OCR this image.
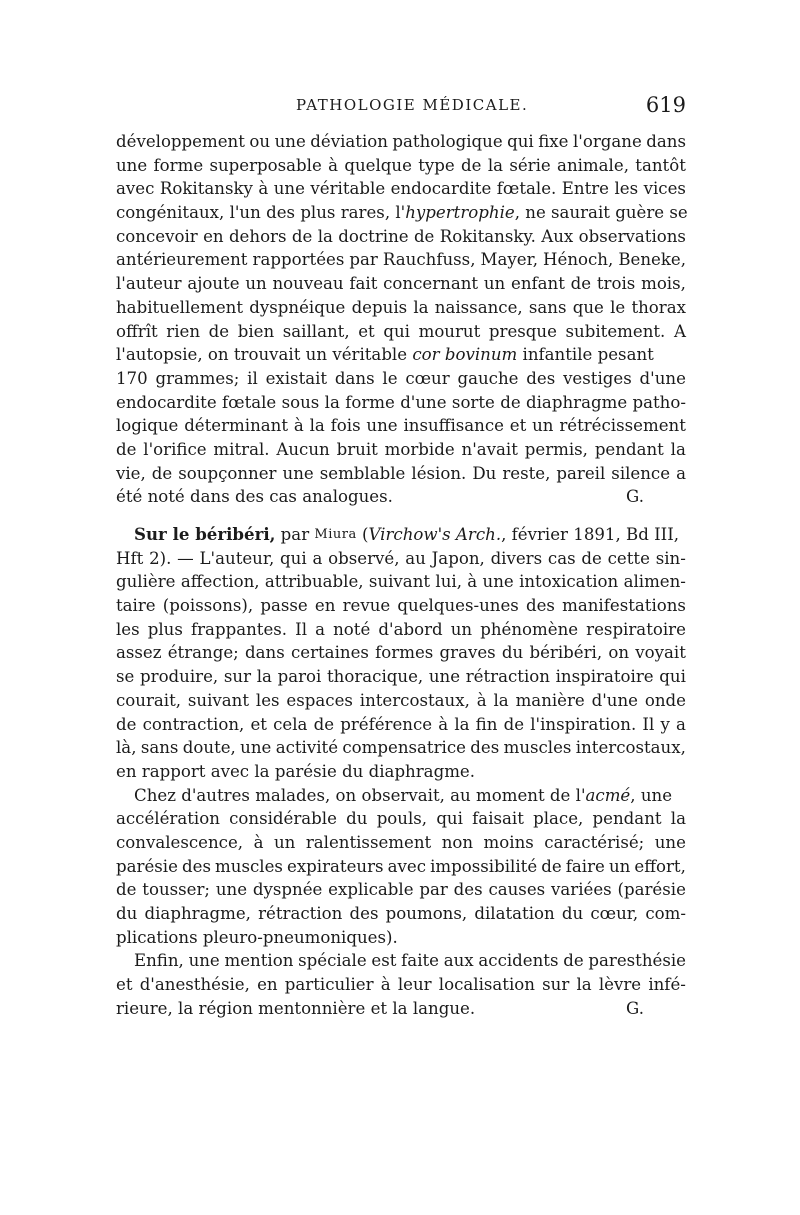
PATHOLOGIE MÉDICALE.	619
développement ou une déviation pathologique qui fixe l'organe dans
une forme superposable à quelque type de la série animale, tantôt
avec Rokitansky à une véritable endocardite fœtale. Entre les vices
congénitaux, l'un des plus rares, l' hypertrophie , ne saurait guère se
concevoir en dehors de la doctrine de Rokitansky. Aux observations
antérieurement rapportées par Rauchfuss, Mayer, Hénoch, Beneke,
l'auteur ajoute un nouveau fait concernant un enfant de trois mois,
habituellement dyspnéique depuis la naissance, sans que le thorax
offrît rien de bien saillant, et qui mourut presque subitement. A
l'autopsie, on trouvait un véritable cor bovinum infantile pesant
170 grammes; il existait dans le cœur gauche des vestiges d'une
endocardite fœtale sous la forme d'une sorte de diaphragme patho-
logique déterminant à la fois une insuffisance et un rétrécissement
de l'orifice mitral. Aucun bruit morbide n'avait permis, pendant la
vie, de soupçonner une semblable lésion. Du reste, pareil silence a
été noté dans des cas analogues.	G.
Sur le béribéri, par Miura ( Virchow's Arch. , février 1891, Bd III,
Hft 2). — L'auteur, qui a observé, au Japon, divers cas de cette sin-
gulière affection, attribuable, suivant lui, à une intoxication alimen-
taire (poissons), passe en revue quelques-unes des manifestations
les plus frappantes. Il a noté d'abord un phénomène respiratoire
assez étrange; dans certaines formes graves du béribéri, on voyait
se produire, sur la paroi thoracique, une rétraction inspiratoire qui
courait, suivant les espaces intercostaux, à la manière d'une onde
de contraction, et cela de préférence à la fin de l'inspiration. Il y a
là, sans doute, une activité compensatrice des muscles intercostaux,
en rapport avec la parésie du diaphragme.
Chez d'autres malades, on observait, au moment de l' acmé , une
accélération considérable du pouls, qui faisait place, pendant la
convalescence, à un ralentissement non moins caractérisé; une
parésie des muscles expirateurs avec impossibilité de faire un effort,
de tousser; une dyspnée explicable par des causes variées (parésie
du diaphragme, rétraction des poumons, dilatation du cœur, com-
plications pleuro-pneumoniques).
Enfin, une mention spéciale est faite aux accidents de paresthésie
et d'anesthésie, en particulier à leur localisation sur la lèvre infé-
rieure, la région mentonnière et la langue.	G.
